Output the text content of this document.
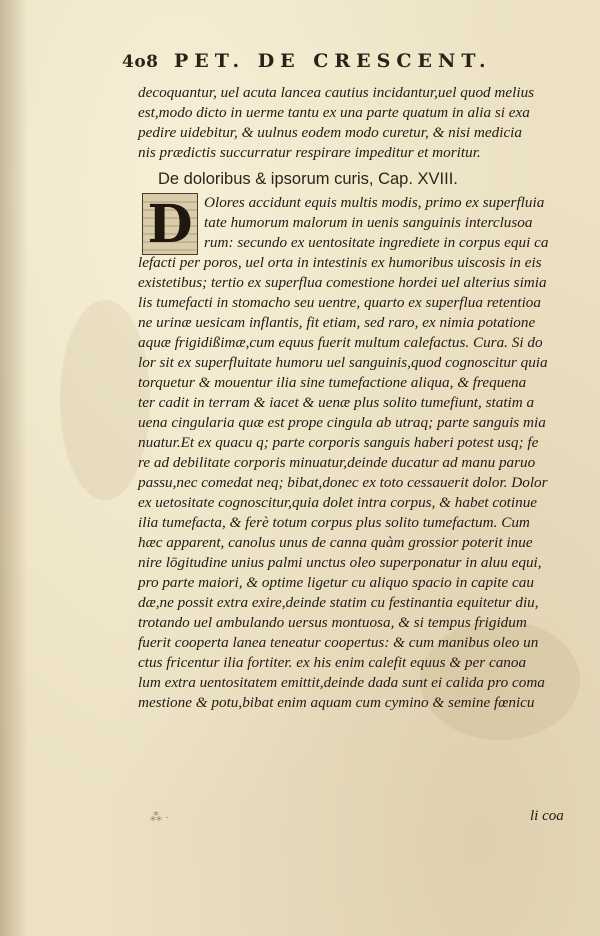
4o8 PET. DE CRESCENT.
decoquantur, uel acuta lancea cautius incidantur,uel quod melius
est,modo dicto in uerme tantu ex una parte quatum in alia si exa
pedire uidebitur, & uulnus eodem modo curetur, & nisi medicia
nis prædictis succurratur respirare impeditur et moritur.
De doloribus & ipsorum curis, Cap. XVIII.
D Olores accidunt equis multis modis, primo ex superfluia
tate humorum malorum in uenis sanguinis interclusoa
rum: secundo ex uentositate ingrediete in corpus equi ca
lefacti per poros, uel orta in intestinis ex humoribus uiscosis in eis
existetibus; tertio ex superflua comestione hordei uel alterius simia
lis tumefacti in stomacho seu uentre, quarto ex superflua retentioa
ne urinæ uesicam inflantis, fit etiam, sed raro, ex nimia potatione
aquæ frigidißimæ,cum equus fuerit multum calefactus. Cura. Si do
lor sit ex superfluitate humoru uel sanguinis,quod cognoscitur quia
torquetur & mouentur ilia sine tumefactione aliqua, & frequena
ter cadit in terram & iacet & uenæ plus solito tumefiunt, statim a
uena cingularia quæ est prope cingula ab utraq; parte sanguis mia
nuatur.Et ex quacu q; parte corporis sanguis haberi potest usq; fe
re ad debilitate corporis minuatur,deinde ducatur ad manu paruo
passu,nec comedat neq; bibat,donec ex toto cessauerit dolor. Dolor
ex uetositate cognoscitur,quia dolet intra corpus, & habet cotinue
ilia tumefacta, & ferè totum corpus plus solito tumefactum. Cum
hæc apparent, canolus unus de canna quàm grossior poterit inue
nire lōgitudine unius palmi unctus oleo superponatur in aluu equi,
pro parte maiori, & optime ligetur cu aliquo spacio in capite cau
dæ,ne possit extra exire,deinde statim cu festinantia equitetur diu,
trotando uel ambulando uersus montuosa, & si tempus frigidum
fuerit cooperta lanea teneatur coopertus: & cum manibus oleo un
ctus fricentur ilia fortiter. ex his enim calefit equus & per canoa
lum extra uentositatem emittit,deinde dada sunt ei calida pro coma
mestione & potu,bibat enim aquam cum cymino & semine fœnicu
⁂ ·	li coa
